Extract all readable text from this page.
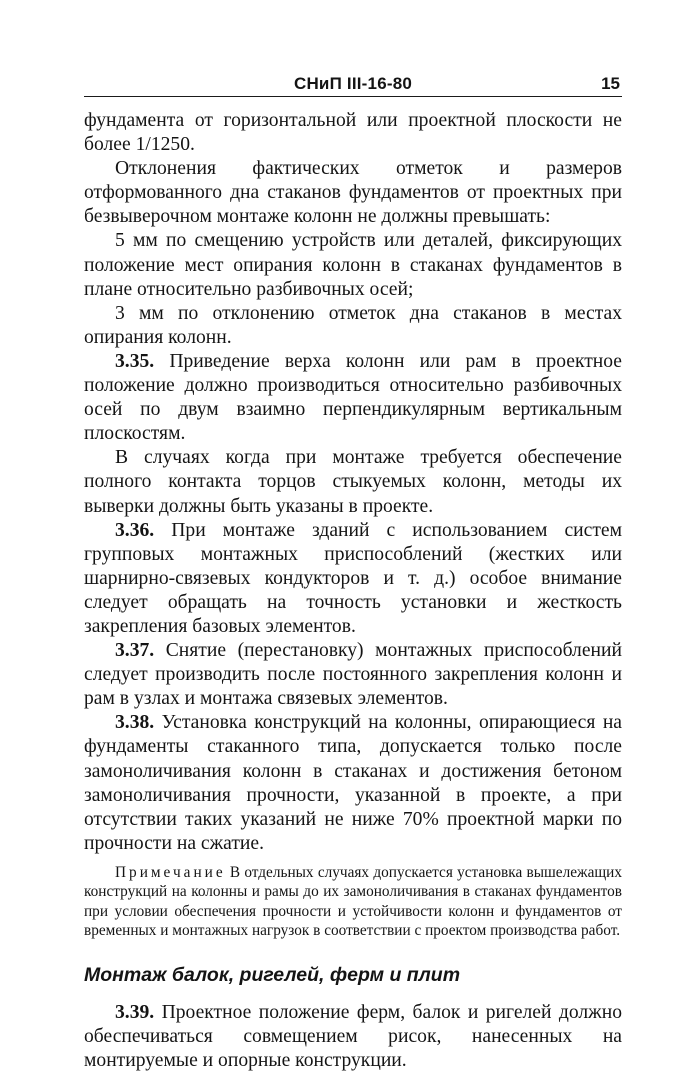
СНиП III-16-80	15

фундамента от горизонтальной или проектной плоскости не более 1/1250.

Отклонения фактических отметок и размеров отформованного дна стаканов фундаментов от проектных при безвыверочном монтаже колонн не должны превышать:

5 мм по смещению устройств или деталей, фиксирующих положение мест опирания колонн в стаканах фундаментов в плане относительно разбивочных осей;

3 мм по отклонению отметок дна стаканов в местах опирания колонн.

3.35. Приведение верха колонн или рам в проектное положение должно производиться относительно разбивочных осей по двум взаимно перпендикулярным вертикальным плоскостям.

В случаях когда при монтаже требуется обеспечение полного контакта торцов стыкуемых колонн, методы их выверки должны быть указаны в проекте.

3.36. При монтаже зданий с использованием систем групповых монтажных приспособлений (жестких или шарнирно-связевых кондукторов и т. д.) особое внимание следует обращать на точность установки и жесткость закрепления базовых элементов.

3.37. Снятие (перестановку) монтажных приспособлений следует производить после постоянного закрепления колонн и рам в узлах и монтажа связевых элементов.

3.38. Установка конструкций на колонны, опирающиеся на фундаменты стаканного типа, допускается только после замоноличивания колонн в стаканах и достижения бетоном замоноличивания прочности, указанной в проекте, а при отсутствии таких указаний не ниже 70% проектной марки по прочности на сжатие.

Примечание В отдельных случаях допускается установка вышележащих конструкций на колонны и рамы до их замоноличивания в стаканах фундаментов при условии обеспечения прочности и устойчивости колонн и фундаментов от временных и монтажных нагрузок в соответствии с проектом производства работ.

Монтаж балок, ригелей, ферм и плит

3.39. Проектное положение ферм, балок и ригелей должно обеспечиваться совмещением рисок, нанесенных на монтируемые и опорные конструкции.
